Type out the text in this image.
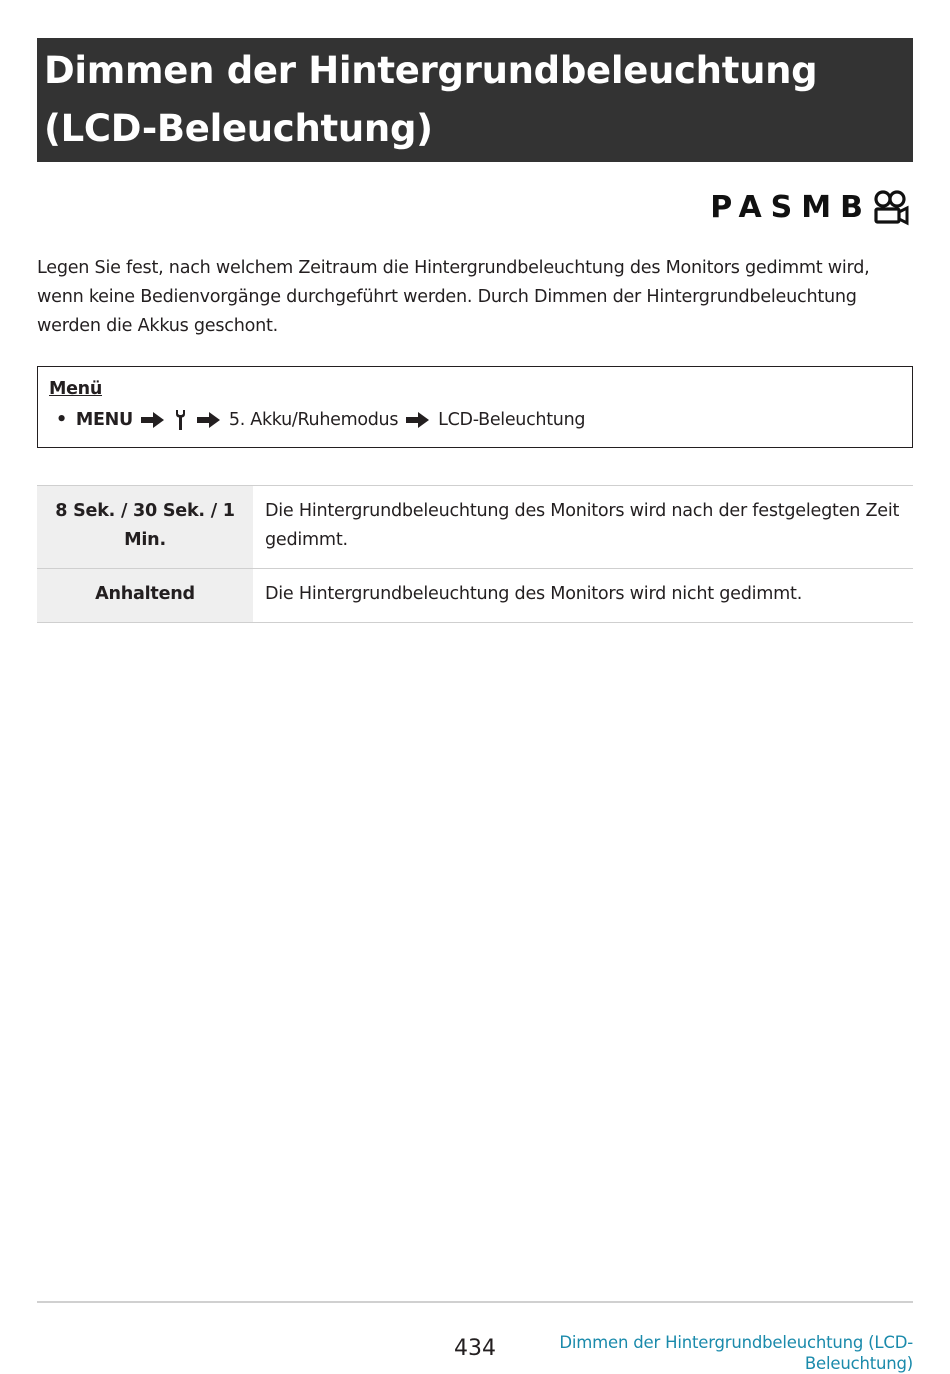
Dimmen der Hintergrundbeleuchtung (LCD-Beleuchtung)
PASMB

Legen Sie fest, nach welchem Zeitraum die Hintergrundbeleuchtung des Monitors gedimmt wird, wenn keine Bedienvorgänge durchgeführt werden. Durch Dimmen der Hintergrundbeleuchtung werden die Akkus geschont.

Menü
• MENU	5. Akku/Ruhemodus LCD-Beleuchtung
8 Sek. / 30 Sek. / 1 Min.	Die Hintergrundbeleuchtung des Monitors wird nach der festgelegten Zeit gedimmt.
Anhaltend	Die Hintergrundbeleuchtung des Monitors wird nicht gedimmt.
434	Dimmen der Hintergrundbeleuchtung (LCD-Beleuchtung)
